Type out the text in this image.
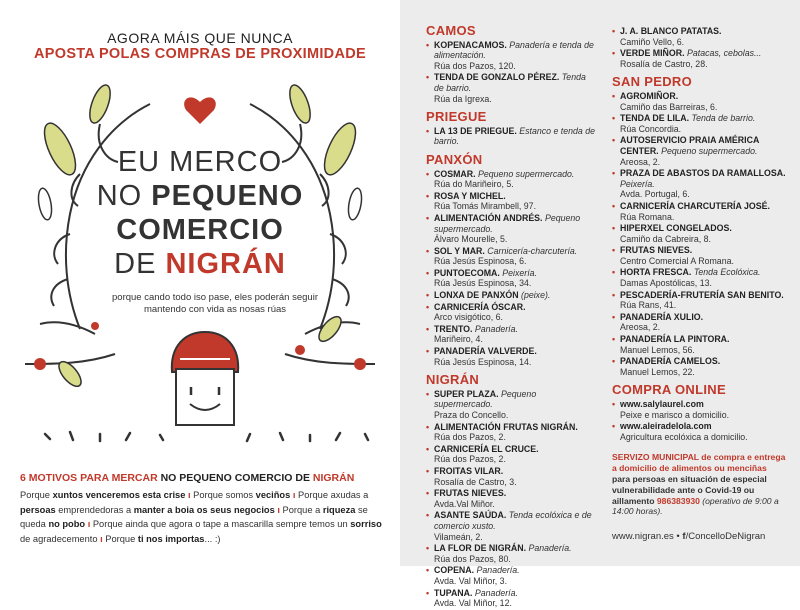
AGORA MÁIS QUE NUNCA
APOSTA POLAS COMPRAS DE PROXIMIDADE
EU MERCO
NO PEQUENO
COMERCIO
DE NIGRÁN
porque cando todo iso pase, eles poderán seguir mantendo con vida as nosas rúas
6 MOTIVOS PARA MERCAR NO PEQUENO COMERCIO DE NIGRÁN
Porque xuntos venceremos esta crise ı Porque somos veciños ı Porque axudas a persoas emprendedoras a manter a boia os seus negocios ı Porque a riqueza se queda no pobo ı Porque ainda que agora o tape a mascarilla sempre temos un sorriso de agradecemento ı Porque ti nos importas... :)
CAMOS
• KOPENACAMOS. Panadería e tenda de alimentación.
Rúa dos Pazos, 120.
• TENDA DE GONZALO PÉREZ. Tenda de barrio.
Rúa da Igrexa.
PRIEGUE
• LA 13 DE PRIEGUE. Estanco e tenda de barrio.
PANXÓN
• COSMAR. Pequeno supermercado.
Rúa do Mariñeiro, 5.
• ROSA Y MICHEL.
Rúa Tomás Mirambell, 97.
• ALIMENTACIÓN ANDRÉS. Pequeno supermercado.
Álvaro Mourelle, 5.
• SOL Y MAR. Carnicería-charcutería.
Rúa Jesús Espinosa, 6.
• PUNTOECOMA. Peixería.
Rúa Jesús Espinosa, 34.
• LONXA DE PANXÓN (peixe).
• CARNICERÍA ÓSCAR.
Arco visigótico, 6.
• TRENTO. Panadería.
Mariñeiro, 4.
• PANADERÍA VALVERDE.
Rúa Jesús Espinosa, 14.
NIGRÁN
• SUPER PLAZA. Pequeno supermercado.
Praza do Concello.
• ALIMENTACIÓN FRUTAS NIGRÁN.
Rúa dos Pazos, 2.
• CARNICERÍA EL CRUCE.
Rúa dos Pazos, 2.
• FROITAS VILAR.
Rosalía de Castro, 3.
• FRUTAS NIEVES.
Avda.Val Miñor.
• ASANTE SAÚDA. Tenda ecolóxica e de comercio xusto.
Vilameán, 2.
• LA FLOR DE NIGRÁN. Panadería.
Rúa dos Pazos, 80.
• COPENA. Panadería.
Avda. Val Miñor, 3.
• TUPANA. Panadería.
Avda. Val Miñor, 12.
• J. A. BLANCO PATATAS.
Camiño Vello, 6.
• VERDE MIÑOR. Patacas, cebolas...
Rosalía de Castro, 28.
SAN PEDRO
• AGROMIÑOR.
Camiño das Barreiras, 6.
• TENDA DE LILA. Tenda de barrio.
Rúa Concordia.
• AUTOSERVICIO PRAIA AMÉRICA CENTER. Pequeno supermercado.
Areosa, 2.
• PRAZA DE ABASTOS DA RAMALLOSA. Peixería.
Avda. Portugal, 6.
• CARNICERÍA CHARCUTERÍA JOSÉ.
Rúa Romana.
• HIPERXEL CONGELADOS.
Camiño da Cabreira, 8.
• FRUTAS NIEVES.
Centro Comercial A Romana.
• HORTA FRESCA. Tenda Ecolóxica.
Damas Apostólicas, 13.
• PESCADERÍA-FRUTERÍA SAN BENITO.
Rúa Rans, 41.
• PANADERÍA XULIO.
Areosa, 2.
• PANADERÍA LA PINTORA.
Manuel Lemos, 56.
• PANADERÍA CAMELOS.
Manuel Lemos, 22.
COMPRA ONLINE
• www.salylaurel.com
Peixe e marisco a domicilio.
• www.aleiradelola.com
Agricultura ecolóxica a domicilio.
SERVIZO MUNICIPAL de compra e entrega a domicilio de alimentos ou menciñas para persoas en situación de especial vulnerabilidade ante o Covid-19 ou aillamento 986383930 (operativo de 9:00 a 14:00 horas).
www.nigran.es • f/ConcelloDeNigran
